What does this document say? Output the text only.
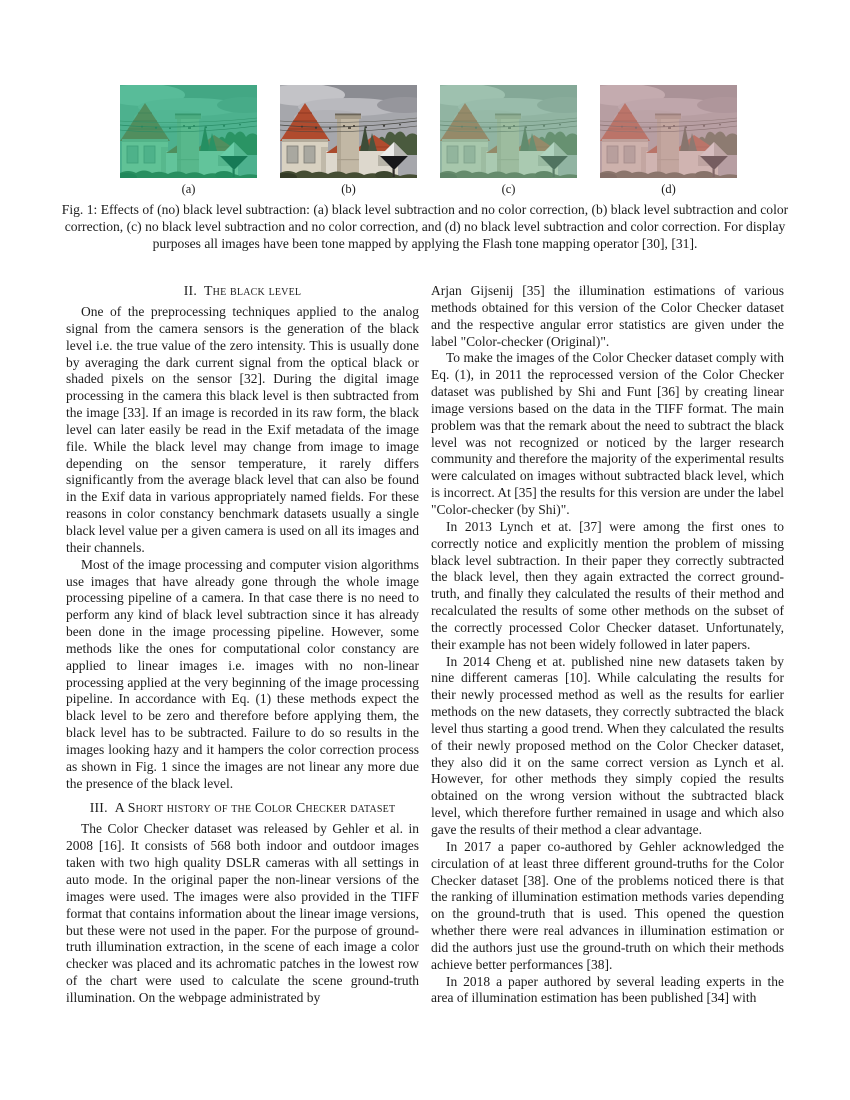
(a)	(b)	(c)	(d)
Fig. 1: Effects of (no) black level subtraction: (a) black level subtraction and no color correction, (b) black level subtraction and color correction, (c) no black level subtraction and no color correction, and (d) no black level subtraction and color correction. For display purposes all images have been tone mapped by applying the Flash tone mapping operator [30], [31].
II. The black level

One of the preprocessing techniques applied to the analog signal from the camera sensors is the generation of the black level i.e. the true value of the zero intensity. This is usually done by averaging the dark current signal from the optical black or shaded pixels on the sensor [32]. During the digital image processing in the camera this black level is then subtracted from the image [33]. If an image is recorded in its raw form, the black level can later easily be read in the Exif metadata of the image file. While the black level may change from image to image depending on the sensor temperature, it rarely differs significantly from the average black level that can also be found in the Exif data in various appropriately named fields. For these reasons in color constancy benchmark datasets usually a single black level value per a given camera is used on all its images and their channels.

Most of the image processing and computer vision algorithms use images that have already gone through the whole image processing pipeline of a camera. In that case there is no need to perform any kind of black level subtraction since it has already been done in the image processing pipeline. However, some methods like the ones for computational color constancy are applied to linear images i.e. images with no non-linear processing applied at the very beginning of the image processing pipeline. In accordance with Eq. (1) these methods expect the black level to be zero and therefore before applying them, the black level has to be subtracted. Failure to do so results in the images looking hazy and it hampers the color correction process as shown in Fig. 1 since the images are not linear any more due the presence of the black level.

III. A Short history of the Color Checker dataset

The Color Checker dataset was released by Gehler et al. in 2008 [16]. It consists of 568 both indoor and outdoor images taken with two high quality DSLR cameras with all settings in auto mode. In the original paper the non-linear versions of the images were used. The images were also provided in the TIFF format that contains information about the linear image versions, but these were not used in the paper. For the purpose of ground-truth illumination extraction, in the scene of each image a color checker was placed and its achromatic patches in the lowest row of the chart were used to calculate the scene ground-truth illumination. On the webpage administrated by

Arjan Gijsenij [35] the illumination estimations of various methods obtained for this version of the Color Checker dataset and the respective angular error statistics are given under the label "Color-checker (Original)".

To make the images of the Color Checker dataset comply with Eq. (1), in 2011 the reprocessed version of the Color Checker dataset was published by Shi and Funt [36] by creating linear image versions based on the data in the TIFF format. The main problem was that the remark about the need to subtract the black level was not recognized or noticed by the larger research community and therefore the majority of the experimental results were calculated on images without subtracted black level, which is incorrect. At [35] the results for this version are under the label "Color-checker (by Shi)".

In 2013 Lynch et at. [37] were among the first ones to correctly notice and explicitly mention the problem of missing black level subtraction. In their paper they correctly subtracted the black level, then they again extracted the correct ground-truth, and finally they calculated the results of their method and recalculated the results of some other methods on the subset of the correctly processed Color Checker dataset. Unfortunately, their example has not been widely followed in later papers.

In 2014 Cheng et at. published nine new datasets taken by nine different cameras [10]. While calculating the results for their newly processed method as well as the results for earlier methods on the new datasets, they correctly subtracted the black level thus starting a good trend. When they calculated the results of their newly proposed method on the Color Checker dataset, they also did it on the same correct version as Lynch et al. However, for other methods they simply copied the results obtained on the wrong version without the subtracted black level, which therefore further remained in usage and which also gave the results of their method a clear advantage.

In 2017 a paper co-authored by Gehler acknowledged the circulation of at least three different ground-truths for the Color Checker dataset [38]. One of the problems noticed there is that the ranking of illumination estimation methods varies depending on the ground-truth that is used. This opened the question whether there were real advances in illumination estimation or did the authors just use the ground-truth on which their methods achieve better performances [38].

In 2018 a paper authored by several leading experts in the area of illumination estimation has been published [34] with
